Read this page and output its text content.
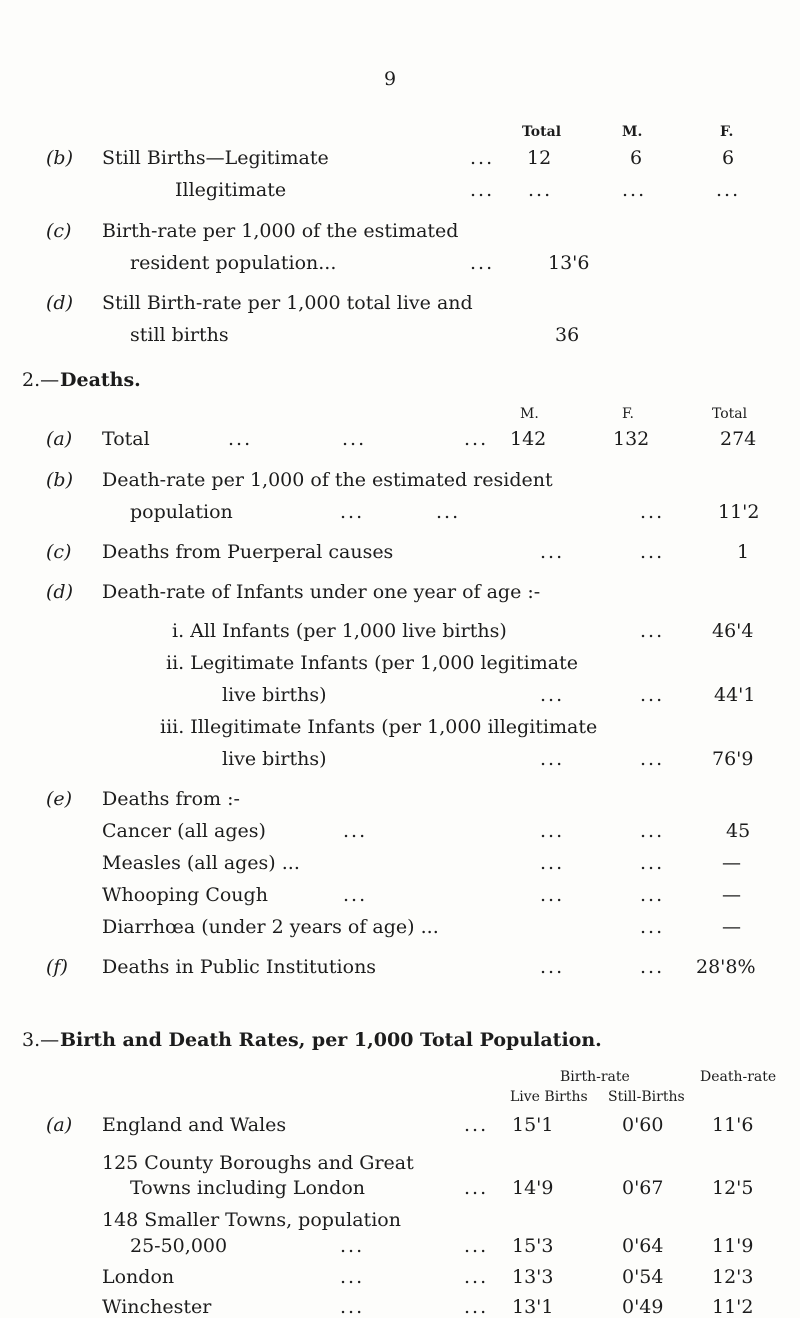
9
Total	M.	F.
(b) Still Births—Legitimate	... 12	6	6
Illegitimate	... ...	...	...
(c) Birth-rate per 1,000 of the estimated
resident population...	...	13'6
(d) Still Birth-rate per 1,000 total live and
still births	36
2.— Deaths.
M.	F.	Total
(a) Total	...	...	... 142	132	274
(b) Death-rate per 1,000 of the estimated resident
population	...	...	...	11'2
(c) Deaths from Puerperal causes	...	...	1
(d) Death-rate of Infants under one year of age :-
i. All Infants (per 1,000 live births)	...	46'4
ii. Legitimate Infants (per 1,000 legitimate
live births)	...	...	44'1
iii. Illegitimate Infants (per 1,000 illegitimate
live births)	...	...	76'9
(e) Deaths from :-
Cancer (all ages)	...	...	...	45
Measles (all ages) ...	...	...	—
Whooping Cough	...	...	...	—
Diarrhœa (under 2 years of age) ...	...	—
(f) Deaths in Public Institutions	...	... 28'8%
3.— Birth and Death Rates, per 1,000 Total Population.
Birth-rate	Death-rate
Live Births Still-Births
(a) England and Wales	... 15'1	0'60	11'6
125 County Boroughs and Great
Towns including London	... 14'9	0'67	12'5
148 Smaller Towns, population
25-50,000	...	... 15'3	0'64	11'9
London	...	... 13'3	0'54	12'3
Winchester	...	... 13'1	0'49	11'2
